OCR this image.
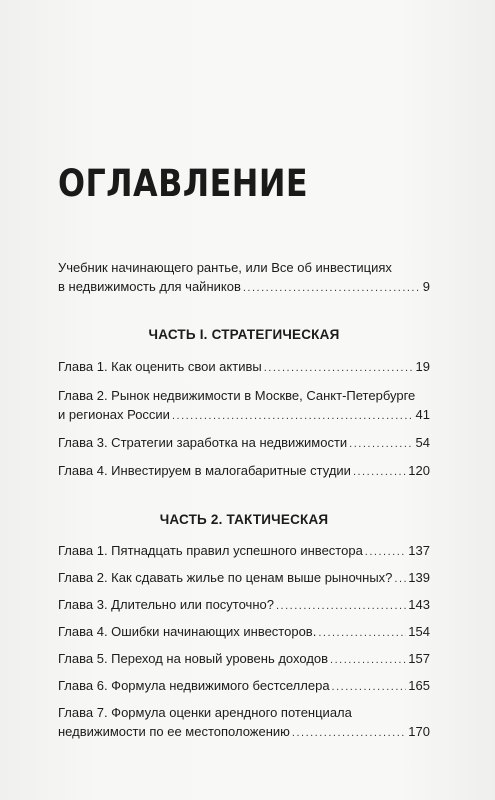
ОГЛАВЛЕНИЕ
Учебник начинающего рантье, или Все об инвестициях
в недвижимость для чайников .....	9
ЧАСТЬ I. СТРАТЕГИЧЕСКАЯ
Глава 1. Как оценить свои активы .....	19
Глава 2. Рынок недвижимости в Москве, Санкт-Петербурге
и регионах России .....	41
Глава 3. Стратегии заработка на недвижимости .....	54
Глава 4. Инвестируем в малогабаритные студии .....	120
ЧАСТЬ 2. ТАКТИЧЕСКАЯ
Глава 1. Пятнадцать правил успешного инвестора .....	137
Глава 2. Как сдавать жилье по ценам выше рыночных? ..... 139
Глава 3. Длительно или посуточно? .....	143
Глава 4. Ошибки начинающих инвесторов. .....	154
Глава 5. Переход на новый уровень доходов .....	157
Глава 6. Формула недвижимого бестселлера .....	165
Глава 7. Формула оценки арендного потенциала
недвижимости по ее местоположению .....	170
